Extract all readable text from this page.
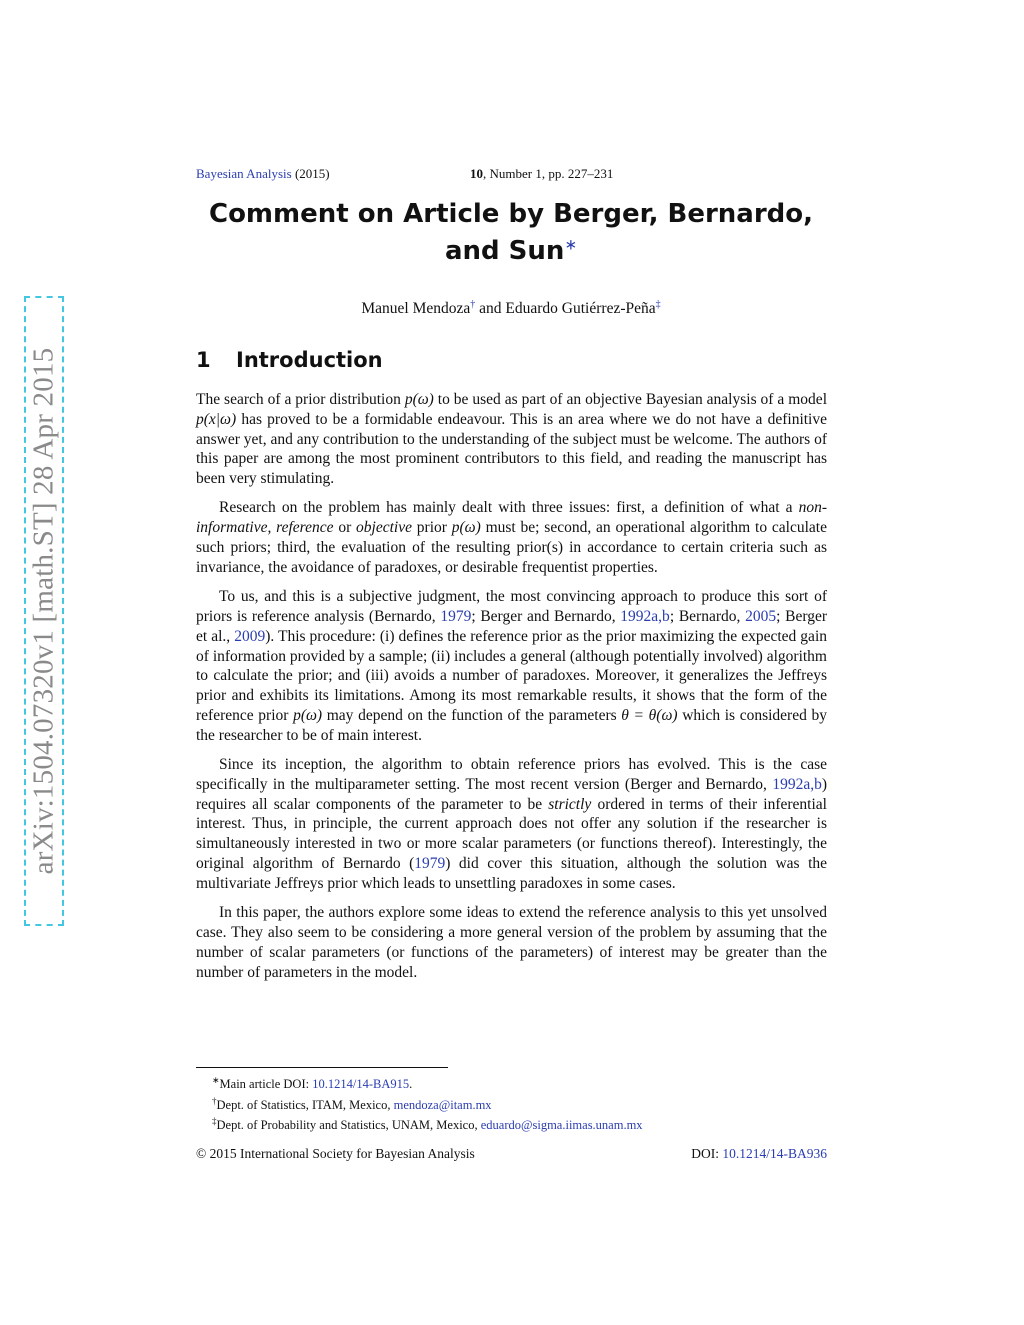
arXiv:1504.07320v1 [math.ST] 28 Apr 2015
Bayesian Analysis (2015)	10, Number 1, pp. 227–231
Comment on Article by Berger, Bernardo,
and Sun∗
Manuel Mendoza† and Eduardo Gutiérrez-Peña‡
1 Introduction

The search of a prior distribution p(ω) to be used as part of an objective Bayesian analysis of a model p(x|ω) has proved to be a formidable endeavour. This is an area where we do not have a definitive answer yet, and any contribution to the understanding of the subject must be welcome. The authors of this paper are among the most prominent contributors to this field, and reading the manuscript has been very stimulating.

Research on the problem has mainly dealt with three issues: first, a definition of what a non-informative, reference or objective prior p(ω) must be; second, an operational algorithm to calculate such priors; third, the evaluation of the resulting prior(s) in accordance to certain criteria such as invariance, the avoidance of paradoxes, or desirable frequentist properties.

To us, and this is a subjective judgment, the most convincing approach to produce this sort of priors is reference analysis (Bernardo, 1979; Berger and Bernardo, 1992a,b; Bernardo, 2005; Berger et al., 2009). This procedure: (i) defines the reference prior as the prior maximizing the expected gain of information provided by a sample; (ii) includes a general (although potentially involved) algorithm to calculate the prior; and (iii) avoids a number of paradoxes. Moreover, it generalizes the Jeffreys prior and exhibits its limitations. Among its most remarkable results, it shows that the form of the reference prior p(ω) may depend on the function of the parameters θ = θ(ω) which is considered by the researcher to be of main interest.

Since its inception, the algorithm to obtain reference priors has evolved. This is the case specifically in the multiparameter setting. The most recent version (Berger and Bernardo, 1992a,b) requires all scalar components of the parameter to be strictly ordered in terms of their inferential interest. Thus, in principle, the current approach does not offer any solution if the researcher is simultaneously interested in two or more scalar parameters (or functions thereof). Interestingly, the original algorithm of Bernardo (1979) did cover this situation, although the solution was the multivariate Jeffreys prior which leads to unsettling paradoxes in some cases.

In this paper, the authors explore some ideas to extend the reference analysis to this yet unsolved case. They also seem to be considering a more general version of the problem by assuming that the number of scalar parameters (or functions of the parameters) of interest may be greater than the number of parameters in the model.

∗Main article DOI: 10.1214/14-BA915.
†Dept. of Statistics, ITAM, Mexico, mendoza@itam.mx
‡Dept. of Probability and Statistics, UNAM, Mexico, eduardo@sigma.iimas.unam.mx
© 2015 International Society for Bayesian Analysis	DOI: 10.1214/14-BA936
